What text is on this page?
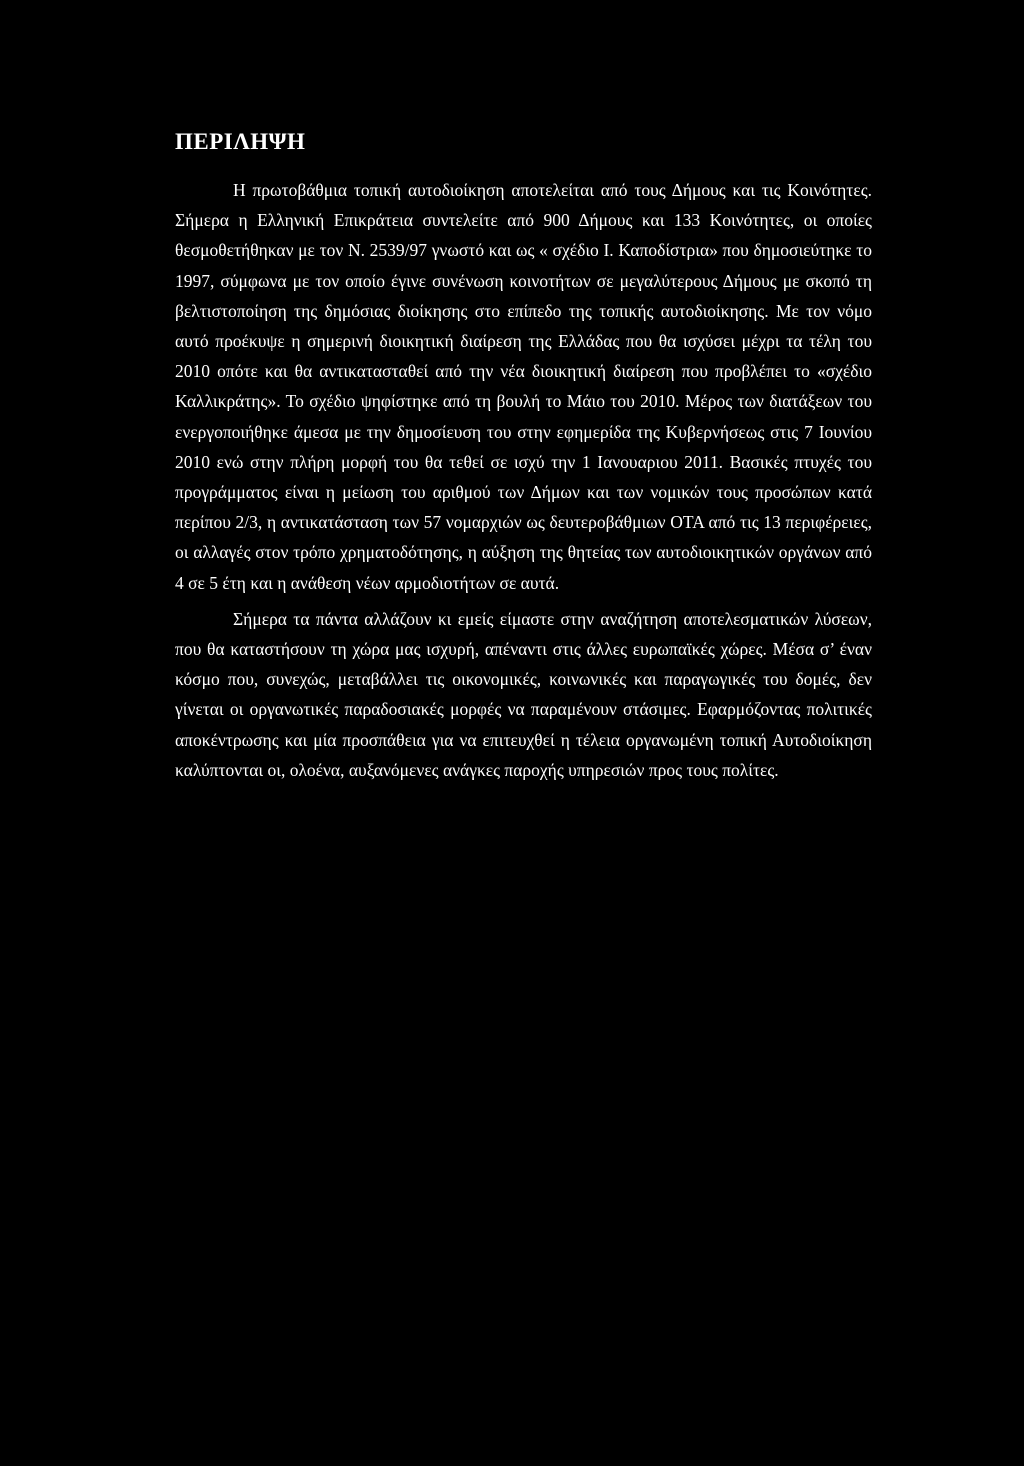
ΠΕΡΙΛΗΨΗ

Η πρωτοβάθμια τοπική αυτοδιοίκηση αποτελείται από τους Δήμους και τις Κοινότητες. Σήμερα η Ελληνική Επικράτεια συντελείτε από 900 Δήμους και 133 Κοινότητες, οι οποίες θεσμοθετήθηκαν με τον Ν. 2539/97 γνωστό και ως « σχέδιο Ι. Καποδίστρια» που δημοσιεύτηκε το 1997, σύμφωνα με τον οποίο έγινε συνένωση κοινοτήτων σε μεγαλύτερους Δήμους με σκοπό τη βελτιστοποίηση της δημόσιας διοίκησης στο επίπεδο της τοπικής αυτοδιοίκησης. Με τον νόμο αυτό προέκυψε η σημερινή διοικητική διαίρεση της Ελλάδας που θα ισχύσει μέχρι τα τέλη του 2010 οπότε και θα αντικατασταθεί από την νέα διοικητική διαίρεση που προβλέπει το «σχέδιο Καλλικράτης». Το σχέδιο ψηφίστηκε από τη βουλή το Μάιο του 2010. Μέρος των διατάξεων του ενεργοποιήθηκε άμεσα με την δημοσίευση του στην εφημερίδα της Κυβερνήσεως στις 7 Ιουνίου 2010 ενώ στην πλήρη μορφή του θα τεθεί σε ισχύ την 1 Ιανουαριου 2011. Βασικές πτυχές του προγράμματος είναι η μείωση του αριθμού των Δήμων και των νομικών τους προσώπων κατά περίπου 2/3, η αντικατάσταση των 57 νομαρχιών ως δευτεροβάθμιων ΟΤΑ από τις 13 περιφέρειες, οι αλλαγές στον τρόπο χρηματοδότησης, η αύξηση της θητείας των αυτοδιοικητικών οργάνων από 4 σε 5 έτη και η ανάθεση νέων αρμοδιοτήτων σε αυτά.

Σήμερα τα πάντα αλλάζουν κι εμείς είμαστε στην αναζήτηση αποτελεσματικών λύσεων, που θα καταστήσουν τη χώρα μας ισχυρή, απέναντι στις άλλες ευρωπαϊκές χώρες. Μέσα σ’ έναν κόσμο που, συνεχώς, μεταβάλλει τις οικονομικές, κοινωνικές και παραγωγικές του δομές, δεν γίνεται οι οργανωτικές παραδοσιακές μορφές να παραμένουν στάσιμες. Εφαρμόζοντας πολιτικές αποκέντρωσης και μία προσπάθεια για να επιτευχθεί η τέλεια οργανωμένη τοπική Αυτοδιοίκηση καλύπτονται οι, ολοένα, αυξανόμενες ανάγκες παροχής υπηρεσιών προς τους πολίτες.
